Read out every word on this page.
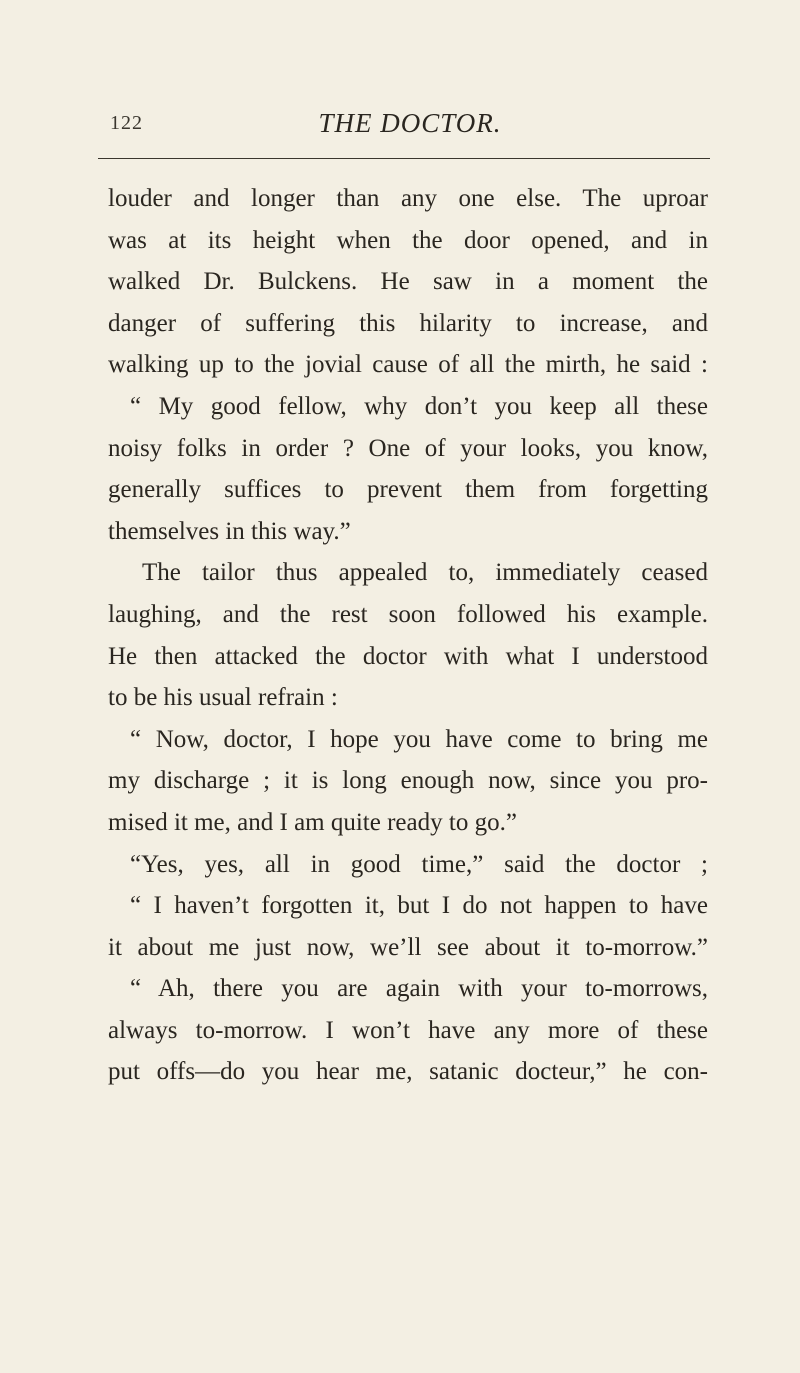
122	THE DOCTOR.
louder and longer than any one else. The uproar
was at its height when the door opened, and in
walked Dr. Bulckens. He saw in a moment the
danger of suffering this hilarity to increase, and
walking up to the jovial cause of all the mirth, he said :
“ My good fellow, why don’t you keep all these
noisy folks in order ? One of your looks, you know,
generally suffices to prevent them from forgetting
themselves in this way.”
The tailor thus appealed to, immediately ceased
laughing, and the rest soon followed his example.
He then attacked the doctor with what I understood
to be his usual refrain :
“ Now, doctor, I hope you have come to bring me
my discharge ; it is long enough now, since you pro-
mised it me, and I am quite ready to go.”
“Yes, yes, all in good time,” said the doctor ;
“ I haven’t forgotten it, but I do not happen to have
it about me just now, we’ll see about it to-morrow.”
“ Ah, there you are again with your to-morrows,
always to-morrow. I won’t have any more of these
put offs—do you hear me, satanic docteur,” he con-
